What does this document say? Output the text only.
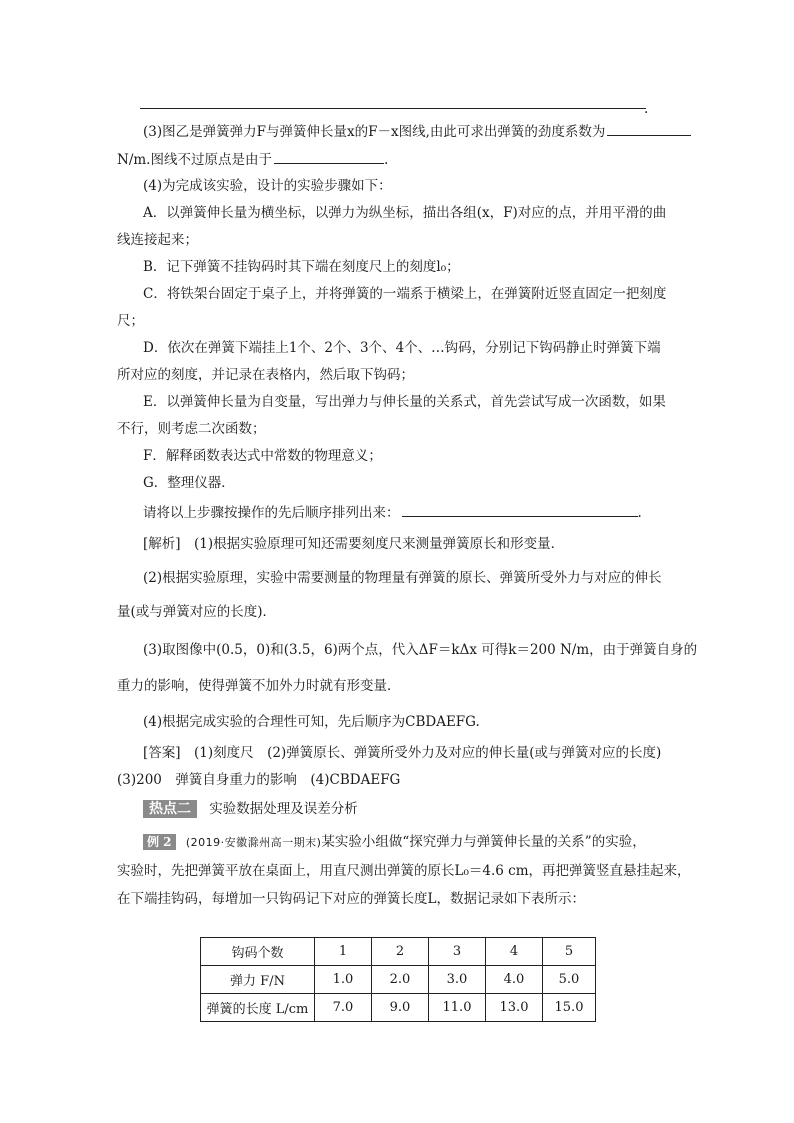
.
(3)图乙是弹簧弹力F与弹簧伸长量x的F－x图线,由此可求出弹簧的劲度系数为
N/m.图线不过原点是由于	.
(4)为完成该实验，设计的实验步骤如下：
A．以弹簧伸长量为横坐标，以弹力为纵坐标，描出各组(x，F)对应的点，并用平滑的曲
线连接起来；
B．记下弹簧不挂钩码时其下端在刻度尺上的刻度l₀；
C．将铁架台固定于桌子上，并将弹簧的一端系于横梁上，在弹簧附近竖直固定一把刻度
尺；
D．依次在弹簧下端挂上1个、2个、3个、4个、…钩码，分别记下钩码静止时弹簧下端
所对应的刻度，并记录在表格内，然后取下钩码；
E．以弹簧伸长量为自变量，写出弹力与伸长量的关系式，首先尝试写成一次函数，如果
不行，则考虑二次函数；
F．解释函数表达式中常数的物理意义；
G．整理仪器．
请将以上步骤按操作的先后顺序排列出来：	.
[解析]　(1)根据实验原理可知还需要刻度尺来测量弹簧原长和形变量．
(2)根据实验原理，实验中需要测量的物理量有弹簧的原长、弹簧所受外力与对应的伸长
量(或与弹簧对应的长度)．
(3)取图像中(0.5，0)和(3.5，6)两个点，代入ΔF＝kΔx 可得k＝200 N/m，由于弹簧自身的
重力的影响，使得弹簧不加外力时就有形变量．
(4)根据完成实验的合理性可知，先后顺序为CBDAEFG.
[答案]　(1)刻度尺　(2)弹簧原长、弹簧所受外力及对应的伸长量(或与弹簧对应的长度)
(3)200　弹簧自身重力的影响　(4)CBDAEFG
热点二 实验数据处理及误差分析
例 2 (2019·安徽滁州高一期末)某实验小组做“探究弹力与弹簧伸长量的关系”的实验，
实验时，先把弹簧平放在桌面上，用直尺测出弹簧的原长L₀＝4.6 cm，再把弹簧竖直悬挂起来，
在下端挂钩码，每增加一只钩码记下对应的弹簧长度L，数据记录如下表所示：
钩码个数	1	2	3	4	5
弹力 F/N	1.0	2.0	3.0	4.0	5.0
弹簧的长度 L/cm	7.0	9.0	11.0	13.0	15.0
